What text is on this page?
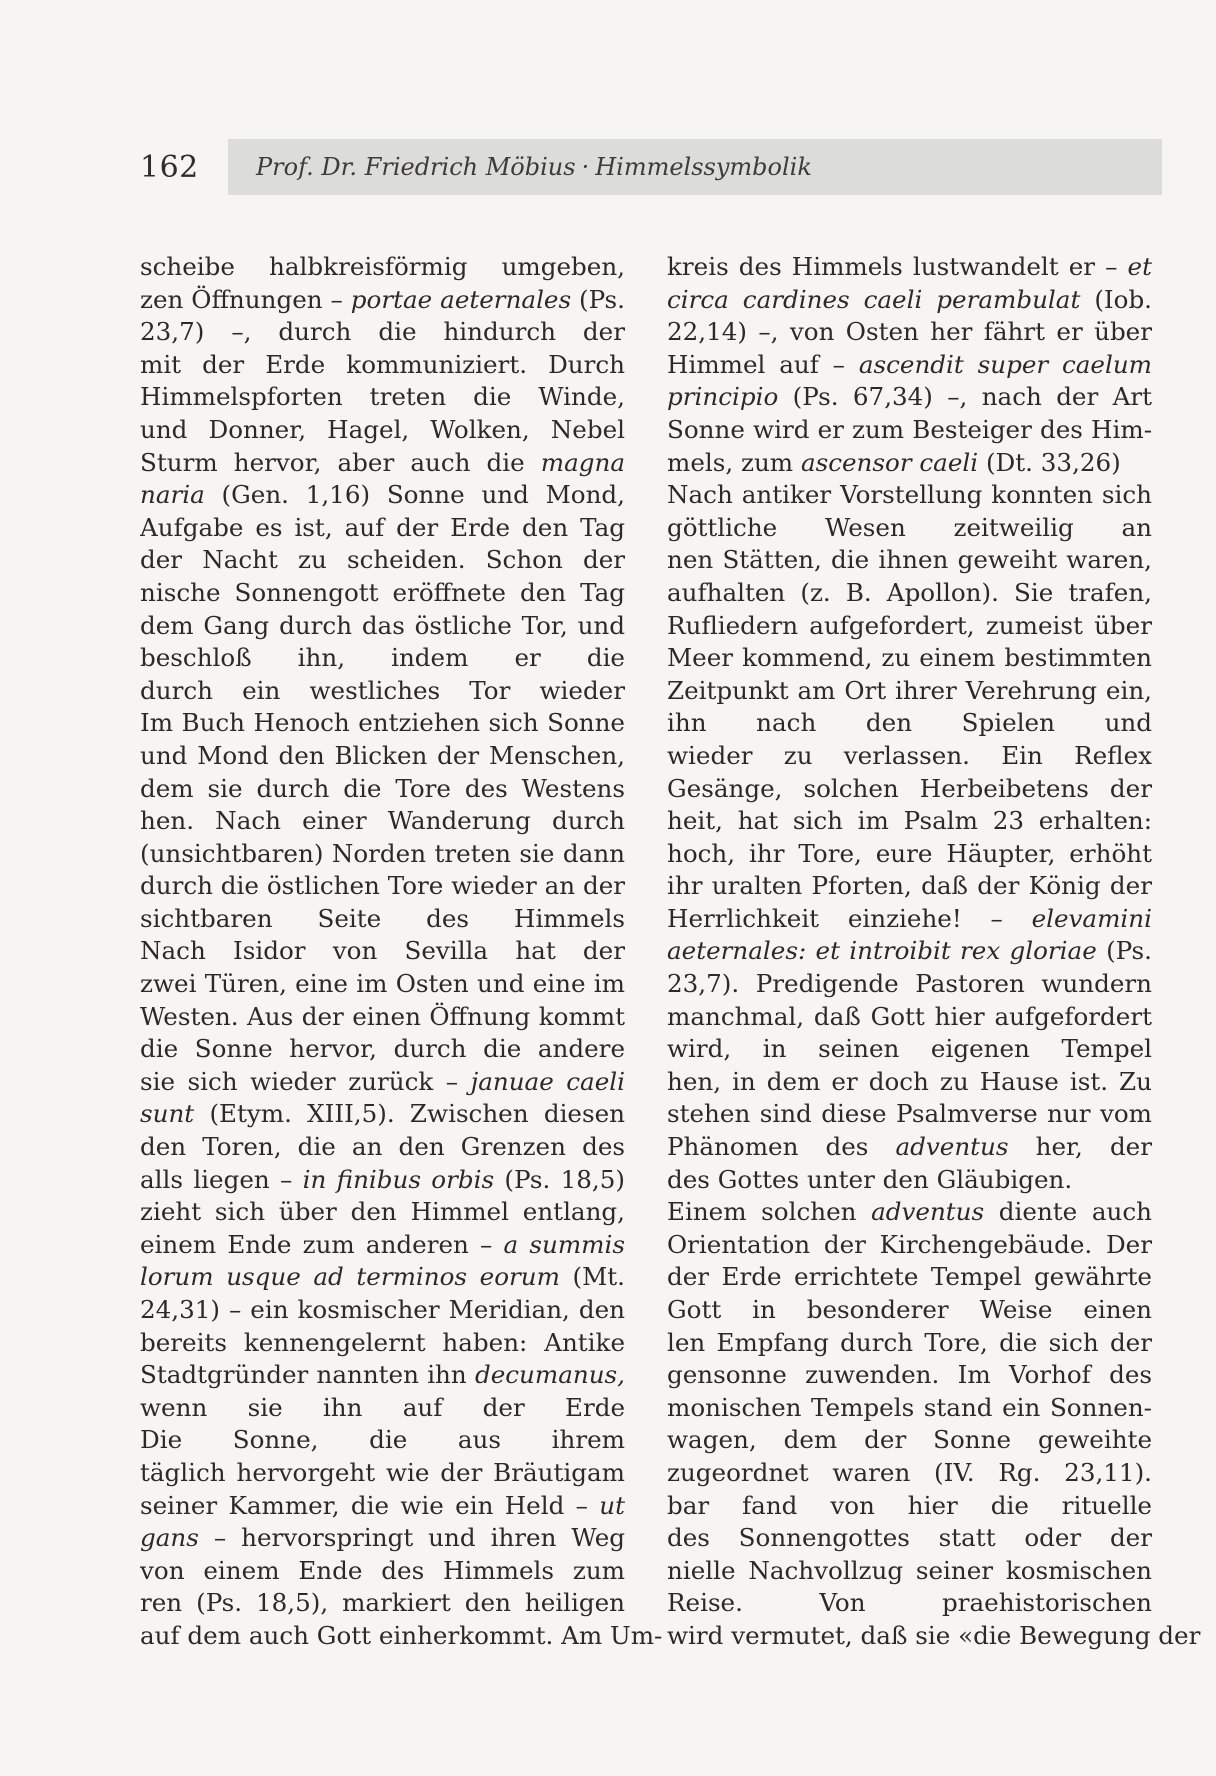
162	Prof. Dr. Friedrich Möbius · Himmelssymbolik
scheibe halbkreisförmig umgeben,
zen Öffnungen – portae aeternales (Ps.
23,7) –, durch die hindurch der
mit der Erde kommuniziert. Durch
Himmelspforten treten die Winde,
und Donner, Hagel, Wolken, Nebel
Sturm hervor, aber auch die magna
naria (Gen. 1,16) Sonne und Mond,
Aufgabe es ist, auf der Erde den Tag
der Nacht zu scheiden. Schon der
nische Sonnengott eröffnete den Tag
dem Gang durch das östliche Tor, und
beschloß ihn, indem er die
durch ein westliches Tor wieder
Im Buch Henoch entziehen sich Sonne
und Mond den Blicken der Menschen,
dem sie durch die Tore des Westens
hen. Nach einer Wanderung durch
(unsichtbaren) Norden treten sie dann
durch die östlichen Tore wieder an der
sichtbaren Seite des Himmels
Nach Isidor von Sevilla hat der
zwei Türen, eine im Osten und eine im
Westen. Aus der einen Öffnung kommt
die Sonne hervor, durch die andere
sie sich wieder zurück – januae caeli
sunt (Etym. XIII,5). Zwischen diesen
den Toren, die an den Grenzen des
alls liegen – in finibus orbis (Ps. 18,5)
zieht sich über den Himmel entlang,
einem Ende zum anderen – a summis
lorum usque ad terminos eorum (Mt.
24,31) – ein kosmischer Meridian, den
bereits kennengelernt haben: Antike
Stadtgründer nannten ihn decumanus,
wenn sie ihn auf der Erde
Die Sonne, die aus ihrem
täglich hervorgeht wie der Bräutigam
seiner Kammer, die wie ein Held – ut
gans – hervorspringt und ihren Weg
von einem Ende des Himmels zum
ren (Ps. 18,5), markiert den heiligen
auf dem auch Gott einherkommt. Am Um-
kreis des Himmels lustwandelt er – et
circa cardines caeli perambulat (Iob.
22,14) –, von Osten her fährt er über
Himmel auf – ascendit super caelum
principio (Ps. 67,34) –, nach der Art
Sonne wird er zum Besteiger des Him-
mels, zum ascensor caeli (Dt. 33,26)
Nach antiker Vorstellung konnten sich
göttliche Wesen zeitweilig an
nen Stätten, die ihnen geweiht waren,
aufhalten (z. B. Apollon). Sie trafen,
Rufliedern aufgefordert, zumeist über
Meer kommend, zu einem bestimmten
Zeitpunkt am Ort ihrer Verehrung ein,
ihn nach den Spielen und
wieder zu verlassen. Ein Reflex
Gesänge, solchen Herbeibetens der
heit, hat sich im Psalm 23 erhalten:
hoch, ihr Tore, eure Häupter, erhöht
ihr uralten Pforten, daß der König der
Herrlichkeit einziehe! – elevamini
aeternales: et introibit rex gloriae (Ps.
23,7). Predigende Pastoren wundern
manchmal, daß Gott hier aufgefordert
wird, in seinen eigenen Tempel
hen, in dem er doch zu Hause ist. Zu
stehen sind diese Psalmverse nur vom
Phänomen des adventus her, der
des Gottes unter den Gläubigen.
Einem solchen adventus diente auch
Orientation der Kirchengebäude. Der
der Erde errichtete Tempel gewährte
Gott in besonderer Weise einen
len Empfang durch Tore, die sich der
gensonne zuwenden. Im Vorhof des
monischen Tempels stand ein Sonnen-
wagen, dem der Sonne geweihte
zugeordnet waren (IV. Rg. 23,11).
bar fand von hier die rituelle
des Sonnengottes statt oder der
nielle Nachvollzug seiner kosmischen
Reise. Von praehistorischen
wird vermutet, daß sie «die Bewegung der
